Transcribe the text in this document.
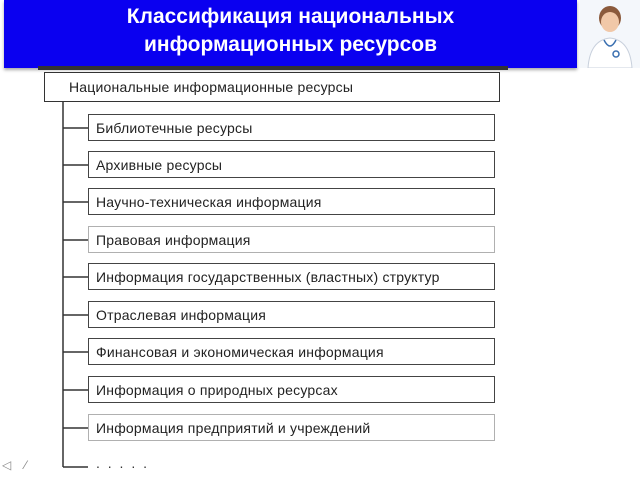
Классификация национальных
информационных ресурсов
Национальные информационные ресурсы
Библиотечные ресурсы
Архивные ресурсы
Научно-техническая информация
Правовая информация
Информация государственных (властных) структур
Отраслевая информация
Финансовая и экономическая информация
Информация о природных ресурсах
Информация предприятий и учреждений
. . . . .
◁ ⁄
